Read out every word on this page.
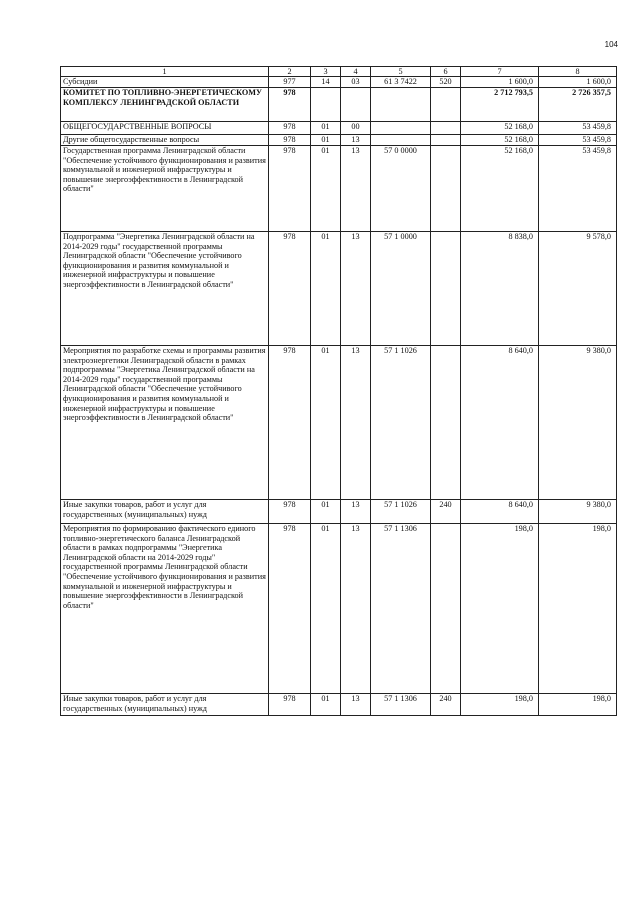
104
1	2	3	4	5	6	7	8
Субсидии	977	14	03	61 3 7422	520	1 600,0	1 600,0
КОМИТЕТ ПО ТОПЛИВНО-ЭНЕРГЕТИЧЕСКОМУ КОМПЛЕКСУ ЛЕНИНГРАДСКОЙ ОБЛАСТИ	978					2 712 793,5	2 726 357,5
ОБЩЕГОСУДАРСТВЕННЫЕ ВОПРОСЫ	978	01	00			52 168,0	53 459,8
Другие общегосударственные вопросы	978	01	13			52 168,0	53 459,8
Государственная программа Ленинградской области "Обеспечение устойчивого функционирования и развития коммунальной и инженерной инфраструктуры и повышение энергоэффективности в Ленинградской области"	978	01	13	57 0 0000		52 168,0	53 459,8
Подпрограмма "Энергетика Ленинградской области на 2014-2029 годы" государственной программы Ленинградской области "Обеспечение устойчивого функционирования и развития коммунальной и инженерной инфраструктуры и повышение энергоэффективности в Ленинградской области"	978	01	13	57 1 0000		8 838,0	9 578,0
Мероприятия по разработке схемы и программы развития электроэнергетики Ленинградской области в рамках подпрограммы "Энергетика Ленинградской области на 2014-2029 годы" государственной программы Ленинградской области "Обеспечение устойчивого функционирования и развития коммунальной и инженерной инфраструктуры и повышение энергоэффективности в Ленинградской области"	978	01	13	57 1 1026		8 640,0	9 380,0
Иные закупки товаров, работ и услуг для государственных (муниципальных) нужд	978	01	13	57 1 1026	240	8 640,0	9 380,0
Мероприятия по формированию фактического единого топливно-энергетического баланса Ленинградской области в рамках подпрограммы "Энергетика Ленинградской области на 2014-2029 годы" государственной программы Ленинградской области "Обеспечение устойчивого функционирования и развития коммунальной и инженерной инфраструктуры и повышение энергоэффективности в Ленинградской области"	978	01	13	57 1 1306		198,0	198,0
Иные закупки товаров, работ и услуг для государственных (муниципальных) нужд	978	01	13	57 1 1306	240	198,0	198,0
